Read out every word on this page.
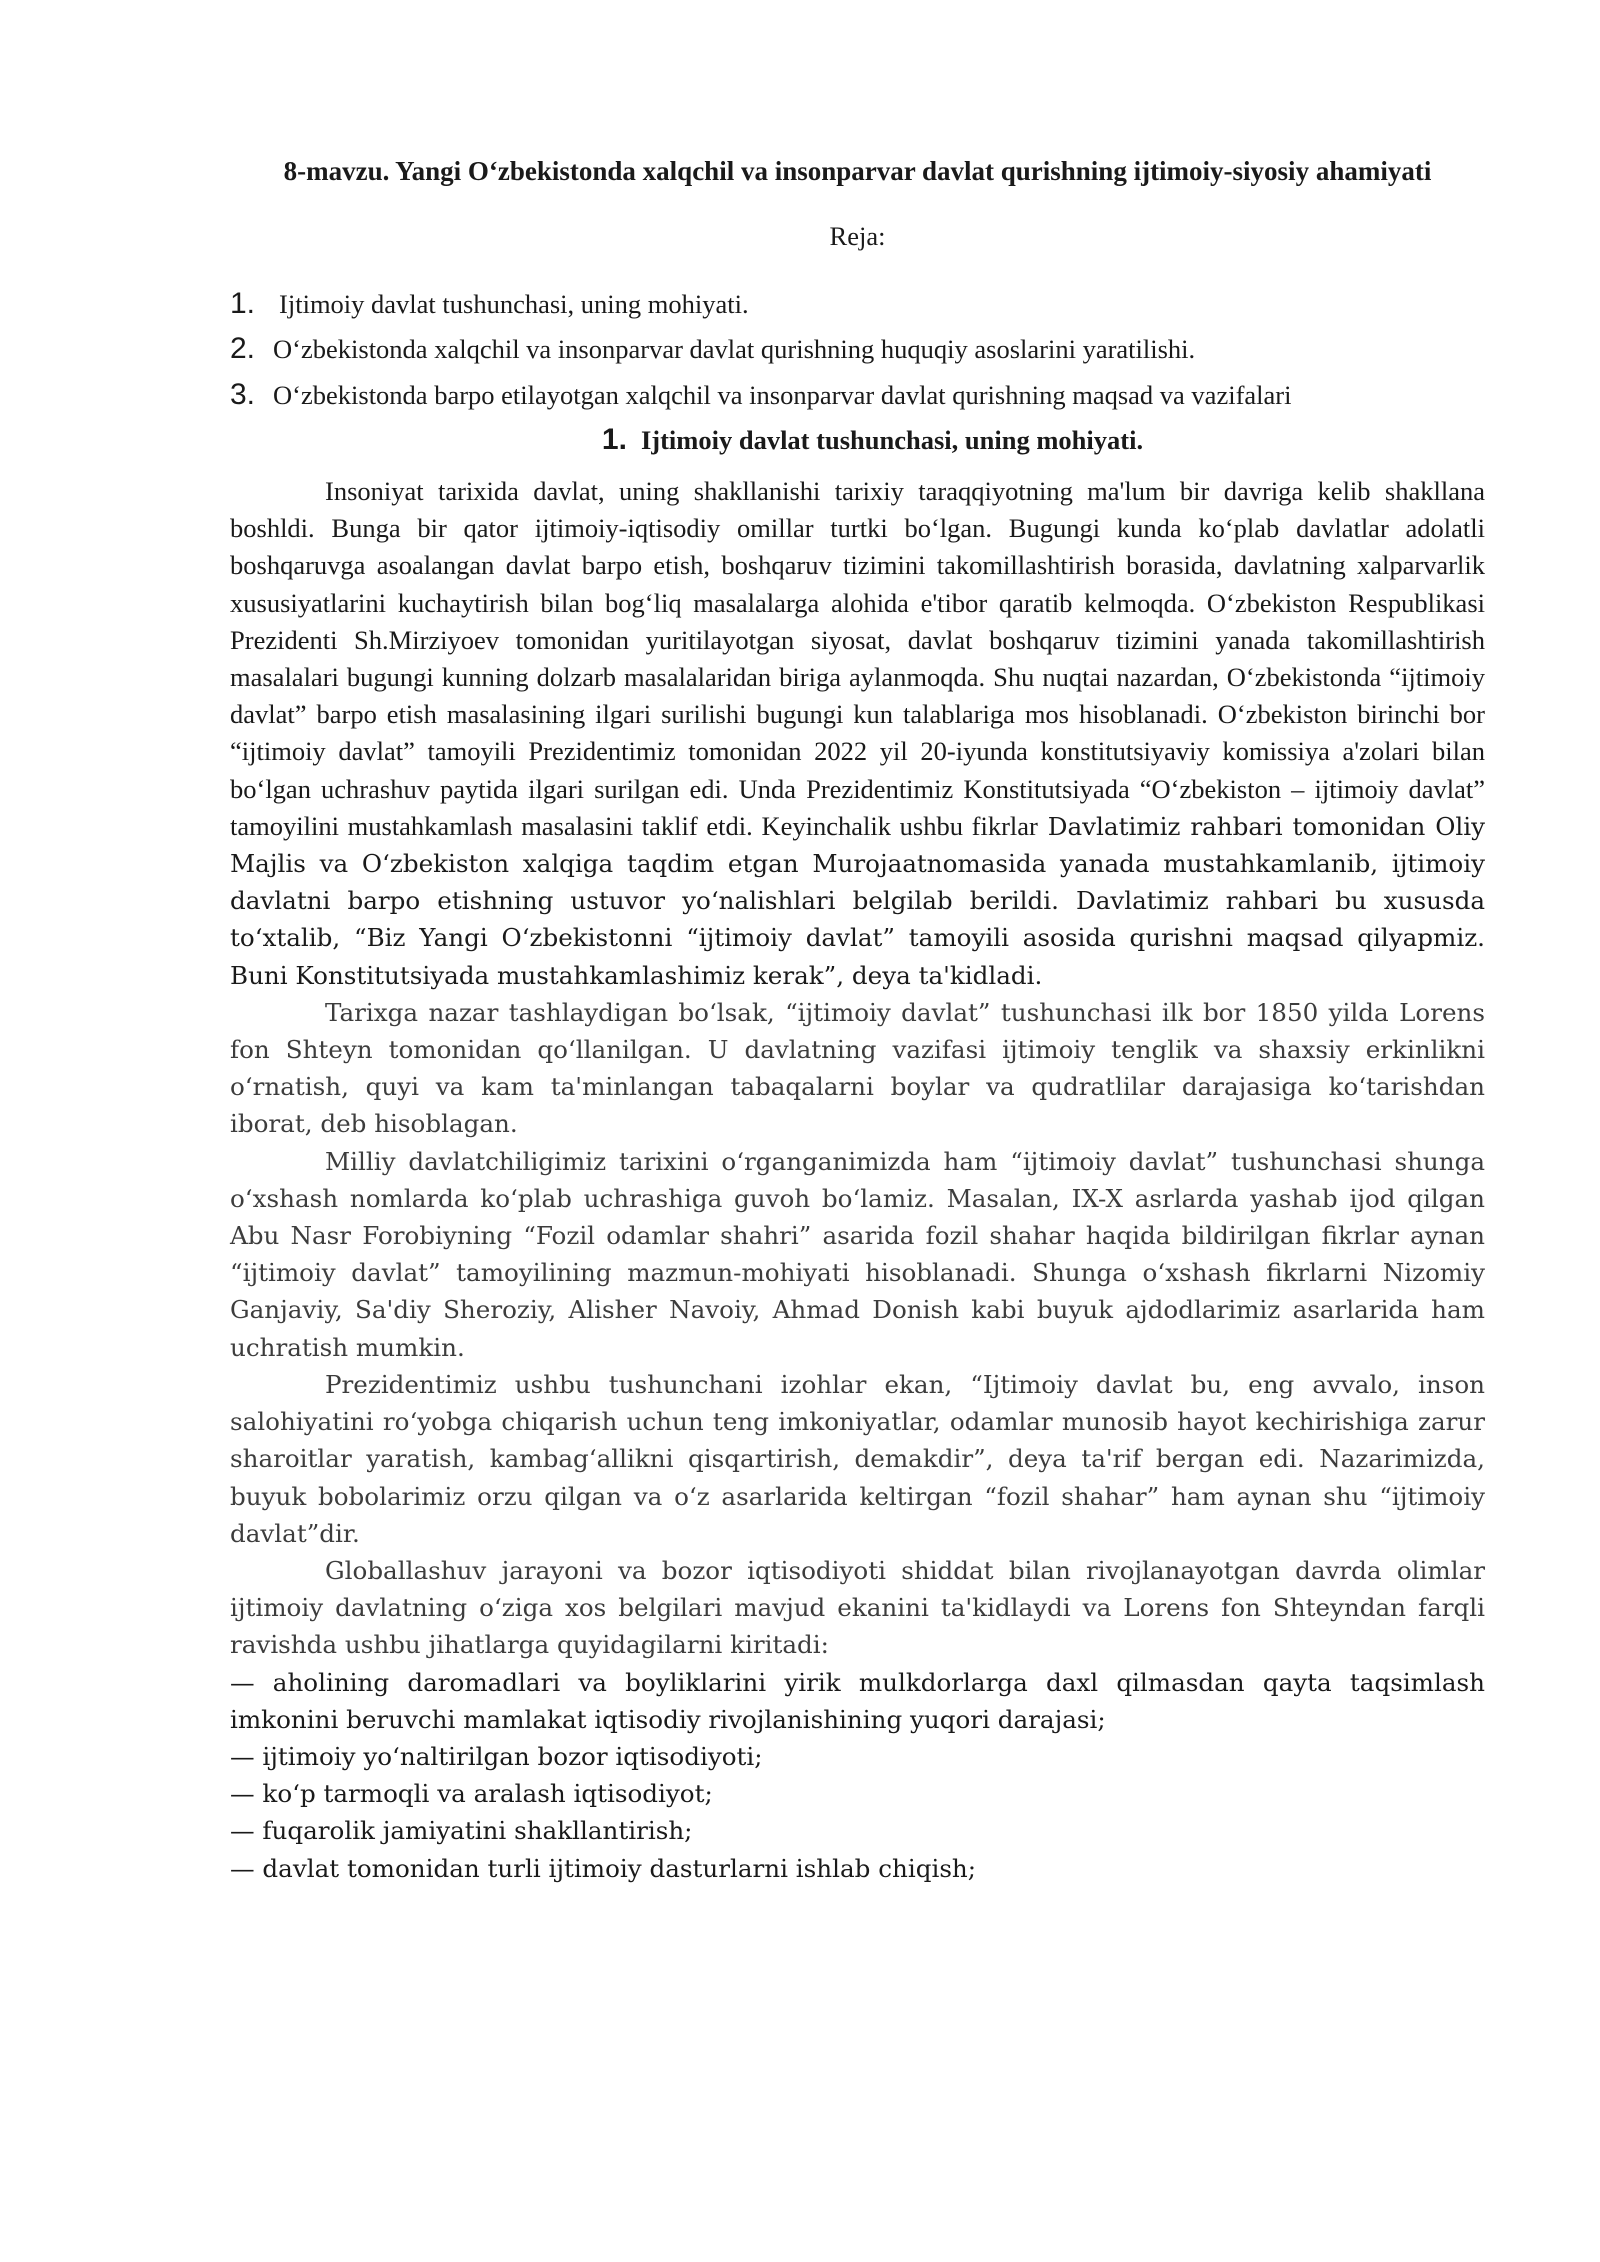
8-mavzu. Yangi O‘zbekistonda xalqchil va insonparvar davlat qurishning ijtimoiy-siyosiy ahamiyati
Reja:
1. Ijtimoiy davlat tushunchasi, uning mohiyati.
2. O‘zbekistonda xalqchil va insonparvar davlat qurishning huquqiy asoslarini yaratilishi.
3. O‘zbekistonda barpo etilayotgan xalqchil va insonparvar davlat qurishning maqsad va vazifalari
1. Ijtimoiy davlat tushunchasi, uning mohiyati.

Insoniyat tarixida davlat, uning shakllanishi tarixiy taraqqiyotning ma'lum bir davriga kelib shakllana boshldi. Bunga bir qator ijtimoiy-iqtisodiy omillar turtki bo‘lgan. Bugungi kunda ko‘plab davlatlar adolatli boshqaruvga asoalangan davlat barpo etish, boshqaruv tizimini takomillashtirish borasida, davlatning xalparvarlik xususiyatlarini kuchaytirish bilan bog‘liq masalalarga alohida e'tibor qaratib kelmoqda. O‘zbekiston Respublikasi Prezidenti Sh.Mirziyoev tomonidan yuritilayotgan siyosat, davlat boshqaruv tizimini yanada takomillashtirish masalalari bugungi kunning dolzarb masalalaridan biriga aylanmoqda. Shu nuqtai nazardan, O‘zbekistonda “ijtimoiy davlat” barpo etish masalasining ilgari surilishi bugungi kun talablariga mos hisoblanadi. O‘zbekiston birinchi bor “ijtimoiy davlat” tamoyili Prezidentimiz tomonidan 2022 yil 20-iyunda konstitutsiyaviy komissiya a'zolari bilan bo‘lgan uchrashuv paytida ilgari surilgan edi. Unda Prezidentimiz Konstitutsiyada “O‘zbekiston – ijtimoiy davlat” tamoyilini mustahkamlash masalasini taklif etdi. Keyinchalik ushbu fikrlar Davlatimiz rahbari tomonidan Oliy Majlis va O‘zbekiston xalqiga taqdim etgan Murojaatnomasida yanada mustahkamlanib, ijtimoiy davlatni barpo etishning ustuvor yo‘nalishlari belgilab berildi. Davlatimiz rahbari bu xususda to‘xtalib, “Biz Yangi O‘zbekistonni “ijtimoiy davlat” tamoyili asosida qurishni maqsad qilyapmiz. Buni Konstitutsiyada mustahkamlashimiz kerak”, deya ta'kidladi.

Tarixga nazar tashlaydigan bo‘lsak, “ijtimoiy davlat” tushunchasi ilk bor 1850 yilda Lorens fon Shteyn tomonidan qo‘llanilgan. U davlatning vazifasi ijtimoiy tenglik va shaxsiy erkinlikni o‘rnatish, quyi va kam ta'minlangan tabaqalarni boylar va qudratlilar darajasiga ko‘tarishdan iborat, deb hisoblagan.

Milliy davlatchiligimiz tarixini o‘rganganimizda ham “ijtimoiy davlat” tushunchasi shunga o‘xshash nomlarda ko‘plab uchrashiga guvoh bo‘lamiz. Masalan, IX-X asrlarda yashab ijod qilgan Abu Nasr Forobiyning “Fozil odamlar shahri” asarida fozil shahar haqida bildirilgan fikrlar aynan “ijtimoiy davlat” tamoyilining mazmun-mohiyati hisoblanadi. Shunga o‘xshash fikrlarni Nizomiy Ganjaviy, Sa'diy Sheroziy, Alisher Navoiy, Ahmad Donish kabi buyuk ajdodlarimiz asarlarida ham uchratish mumkin.

Prezidentimiz ushbu tushunchani izohlar ekan, “Ijtimoiy davlat bu, eng avvalo, inson salohiyatini ro‘yobga chiqarish uchun teng imkoniyatlar, odamlar munosib hayot kechirishiga zarur sharoitlar yaratish, kambag‘allikni qisqartirish, demakdir”, deya ta'rif bergan edi. Nazarimizda, buyuk bobolarimiz orzu qilgan va o‘z asarlarida keltirgan “fozil shahar” ham aynan shu “ijtimoiy davlat”dir.

Globallashuv jarayoni va bozor iqtisodiyoti shiddat bilan rivojlanayotgan davrda olimlar ijtimoiy davlatning o‘ziga xos belgilari mavjud ekanini ta'kidlaydi va Lorens fon Shteyndan farqli ravishda ushbu jihatlarga quyidagilarni kiritadi:

— aholining daromadlari va boyliklarini yirik mulkdorlarga daxl qilmasdan qayta taqsimlash imkonini beruvchi mamlakat iqtisodiy rivojlanishining yuqori darajasi;
— ijtimoiy yo‘naltirilgan bozor iqtisodiyoti;
— ko‘p tarmoqli va aralash iqtisodiyot;
— fuqarolik jamiyatini shakllantirish;
— davlat tomonidan turli ijtimoiy dasturlarni ishlab chiqish;
